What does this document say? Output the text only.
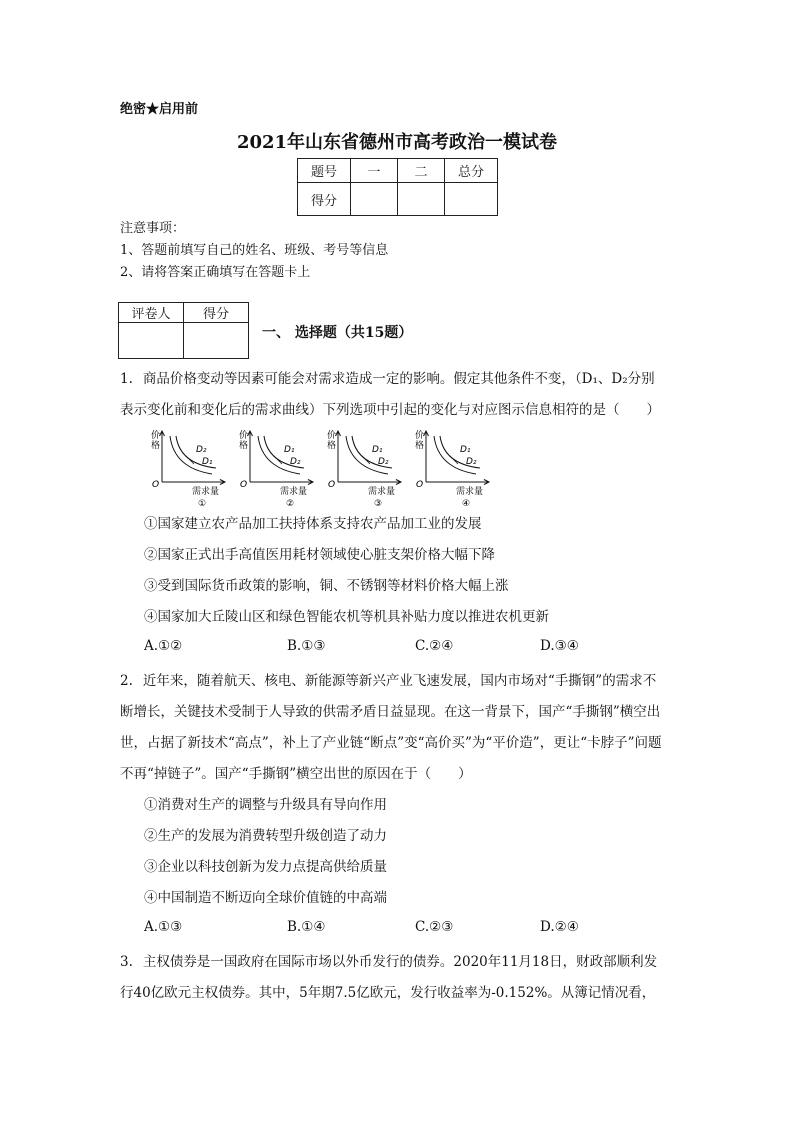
绝密★启用前
2021年山东省德州市高考政治一模试卷
题号	一	二	总分
得分			
注意事项：
1、答题前填写自己的姓名、班级、考号等信息
2、请将答案正确填写在答题卡上
评卷人	得分

一、 选择题（共15题）
1. 商品价格变动等因素可能会对需求造成一定的影响。假定其他条件不变，（D₁、D₂分别
表示变化前和变化后的需求曲线）下列选项中引起的变化与对应图示信息相符的是（　　）
价格
O
需求量
①
D₂
D₁
价格
O
需求量
②
D₁
D₂
价格
O
需求量
③
D₁
D₂
价格
O
需求量
④
D₁
D₂
①国家建立农产品加工扶持体系支持农产品加工业的发展
②国家正式出手高值医用耗材领域使心脏支架价格大幅下降
③受到国际货币政策的影响，铜、不锈钢等材料价格大幅上涨
④国家加大丘陵山区和绿色智能农机等机具补贴力度以推进农机更新
A.①②	B.①③	C.②④	D.③④
2. 近年来，随着航天、核电、新能源等新兴产业飞速发展，国内市场对“手撕钢”的需求不
断增长，关键技术受制于人导致的供需矛盾日益显现。在这一背景下，国产“手撕钢”横空出
世，占据了新技术“高点”，补上了产业链“断点”变“高价买”为“平价造”，更让“卡脖子”问题
不再“掉链子”。国产“手撕钢”横空出世的原因在于（　　）
①消费对生产的调整与升级具有导向作用
②生产的发展为消费转型升级创造了动力
③企业以科技创新为发力点提高供给质量
④中国制造不断迈向全球价值链的中高端
A.①③	B.①④	C.②③	D.②④
3. 主权债券是一国政府在国际市场以外币发行的债券。2020年11月18日，财政部顺利发
行40亿欧元主权债券。其中，5年期7.5亿欧元，发行收益率为-0.152%。从簿记情况看，
